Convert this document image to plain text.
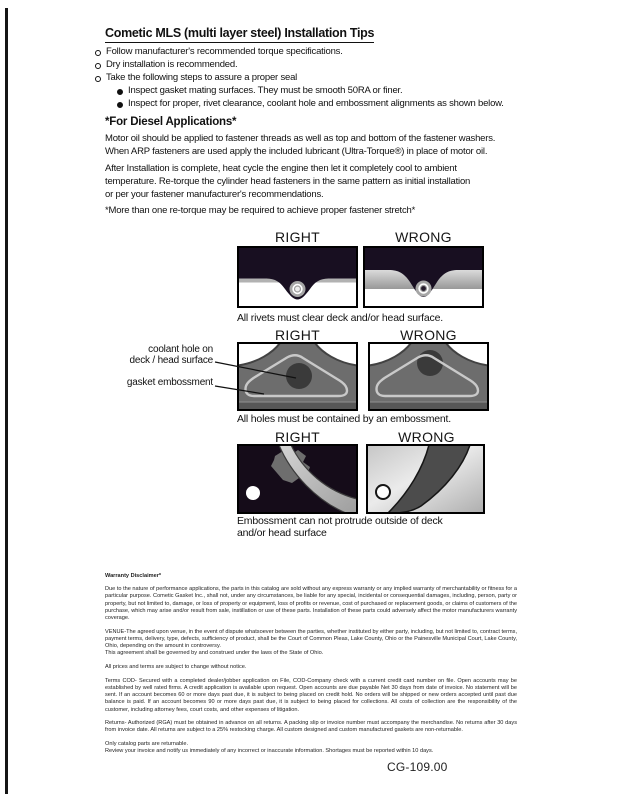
Cometic MLS (multi layer steel) Installation Tips
Follow manufacturer's recommended torque specifications.
Dry installation is recommended.
Take the following steps to assure a proper seal
Inspect gasket mating surfaces. They must be smooth 50RA or finer.
Inspect for proper, rivet clearance, coolant hole and embossment alignments as shown below.
*For Diesel Applications*
Motor oil should be applied to fastener threads as well as top and bottom of the fastener washers.
When ARP fasteners are used apply the included lubricant (Ultra-Torque®) in place of motor oil.
After Installation is complete, heat cycle the engine then let it completely cool to ambient
temperature. Re-torque the cylinder head fasteners in the same pattern as initial installation
or per your fastener manufacturer's recommendations.
*More than one re-torque may be required to achieve proper fastener stretch*
RIGHT	WRONG
All rivets must clear deck and/or head surface.
RIGHT	WRONG
coolant hole on
deck / head surface
gasket embossment
All holes must be contained by an embossment.
RIGHT	WRONG
Embossment can not protrude outside of deck
and/or head surface
Warranty Disclaimer*

Due to the nature of performance applications, the parts in this catalog are sold without any express warranty or any implied warranty of merchantability or fitness for a particular purpose. Cometic Gasket Inc., shall not, under any circumstances, be liable for any special, incidental or consequential damages, including, person, party or property, but not limited to, damage, or loss of property or equipment, loss of profits or revenue, cost of purchased or replacement goods, or claims of customers of the purchase, which may arise and/or result from sale, instillation or use of these parts. Installation of these parts could adversely affect the motor manufacturers warranty coverage.

VENUE-The agreed upon venue, in the event of dispute whatsoever between the parties, whether instituted by either party, including, but not limited to, contract terms, payment terms, delivery, type, defects, sufficiency of product, shall be the Court of Common Pleas, Lake County, Ohio or the Painesville Municipal Court, Lake County, Ohio, depending on the amount in controversy.

This agreement shall be governed by and construed under the laws of the State of Ohio.

All prices and terms are subject to change without notice.

Terms COD- Secured with a completed dealer/jobber application on File, COD-Company check with a current credit card number on file. Open accounts may be established by well rated firms. A credit application is available upon request. Open accounts are due payable Net 30 days from date of invoice. No statement will be sent. If an account becomes 60 or more days past due, it is subject to being placed on credit hold. No orders will be shipped or new orders accepted until past due balance is paid. If an account becomes 90 or more days past due, it is subject to being placed for collections. All costs of collection are the responsibility of the customer, including attorney fees, court costs, and other expenses of litigation.

Returns- Authorized (RGA) must be obtained in advance on all returns. A packing slip or invoice number must accompany the merchandise. No returns after 30 days from invoice date. All returns are subject to a 25% restocking charge. All custom designed and custom manufactured gaskets are non-returnable.

Only catalog parts are returnable.

Review your invoice and notify us immediately of any incorrect or inaccurate information. Shortages must be reported within 10 days.

CG-109.00
